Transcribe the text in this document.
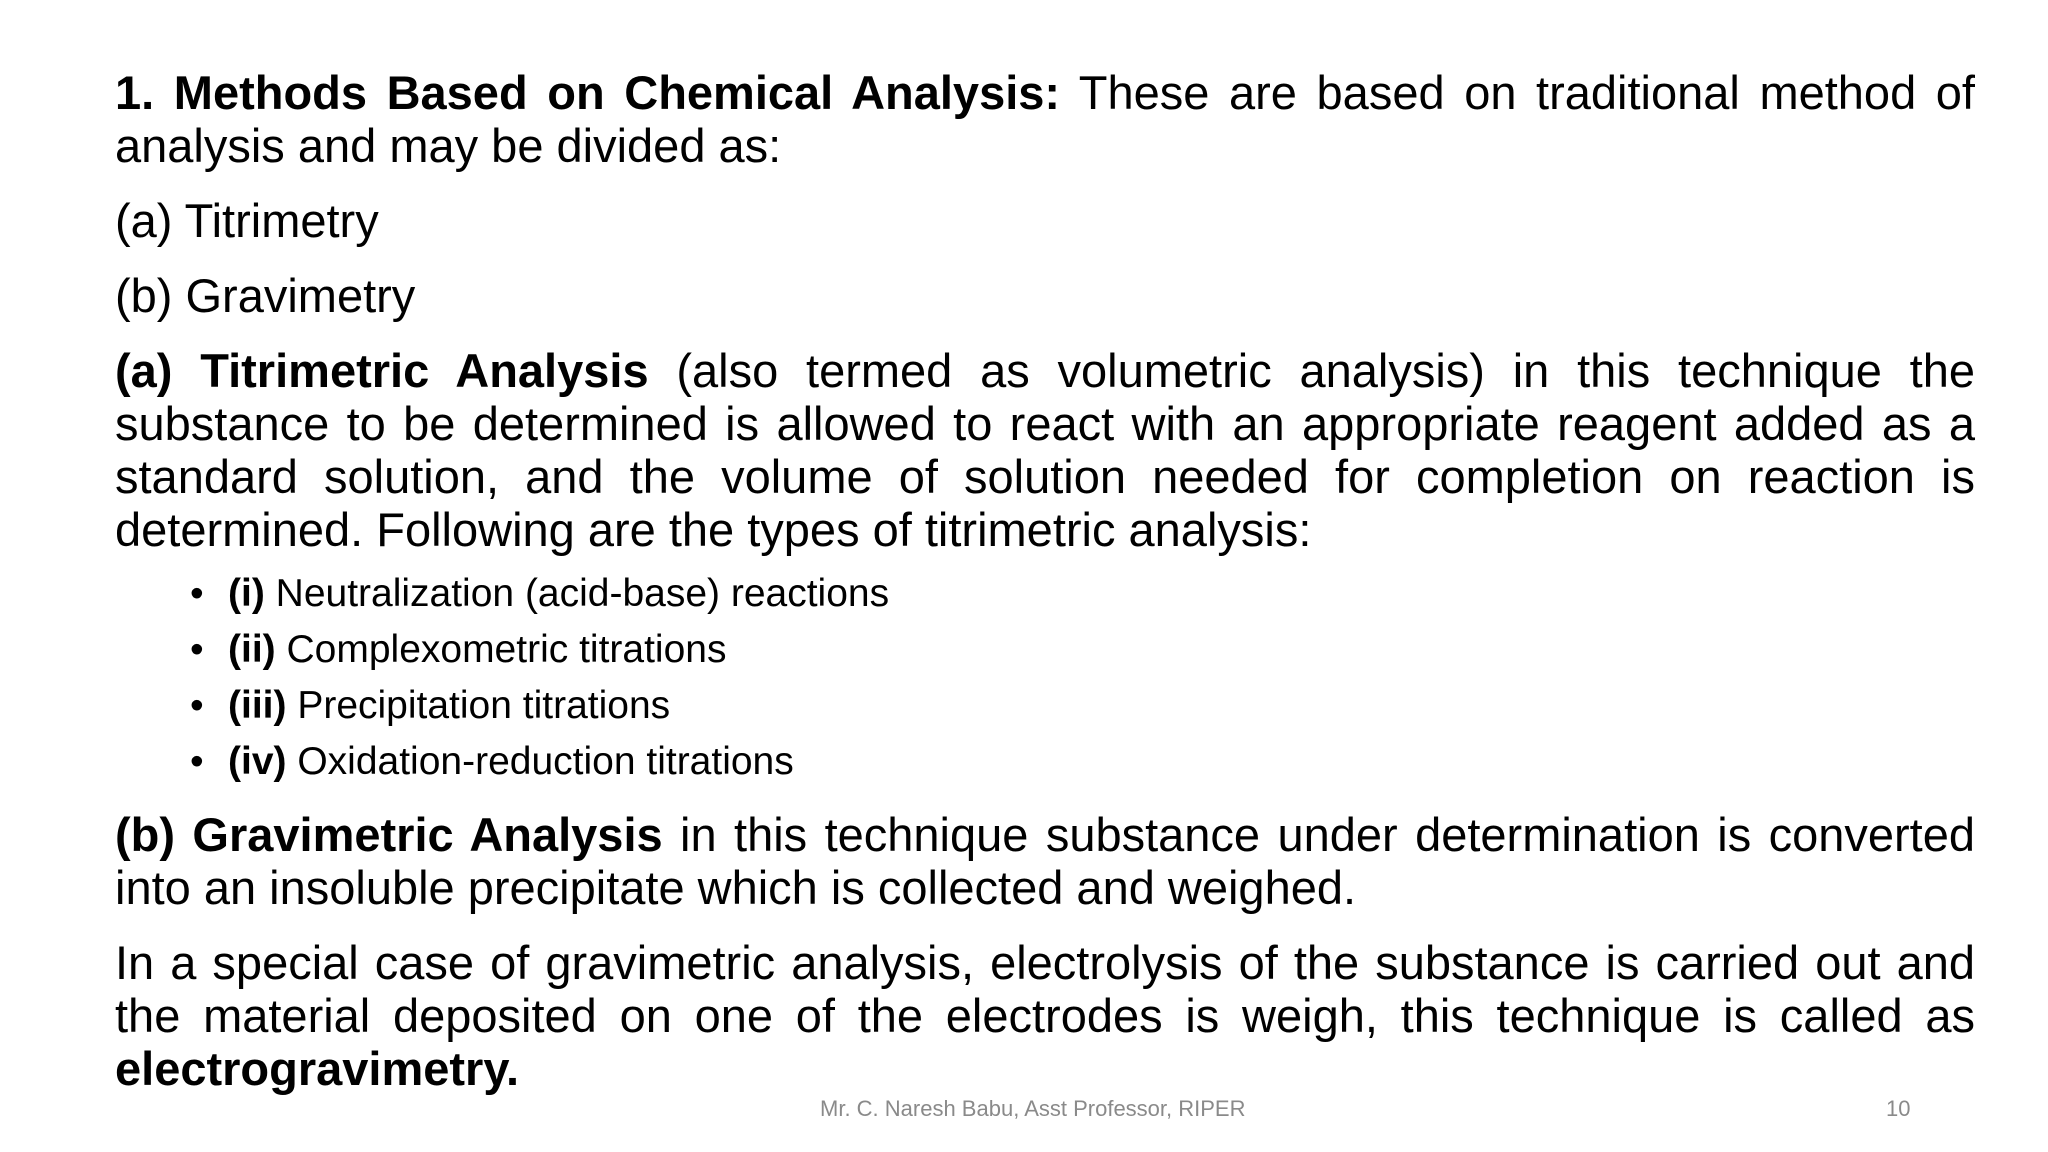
1. Methods Based on Chemical Analysis: These are based on traditional method of analysis and may be divided as:

(a) Titrimetry

(b) Gravimetry

(a) Titrimetric Analysis (also termed as volumetric analysis) in this technique the substance to be determined is allowed to react with an appropriate reagent added as a standard solution, and the volume of solution needed for completion on reaction is determined. Following are the types of titrimetric analysis:

• (i) Neutralization (acid-base) reactions
• (ii) Complexometric titrations
• (iii) Precipitation titrations
• (iv) Oxidation-reduction titrations

(b) Gravimetric Analysis in this technique substance under determination is converted into an insoluble precipitate which is collected and weighed.

In a special case of gravimetric analysis, electrolysis of the substance is carried out and the material deposited on one of the electrodes is weigh, this technique is called as electrogravimetry.

Mr. C. Naresh Babu, Asst Professor, RIPER	10
